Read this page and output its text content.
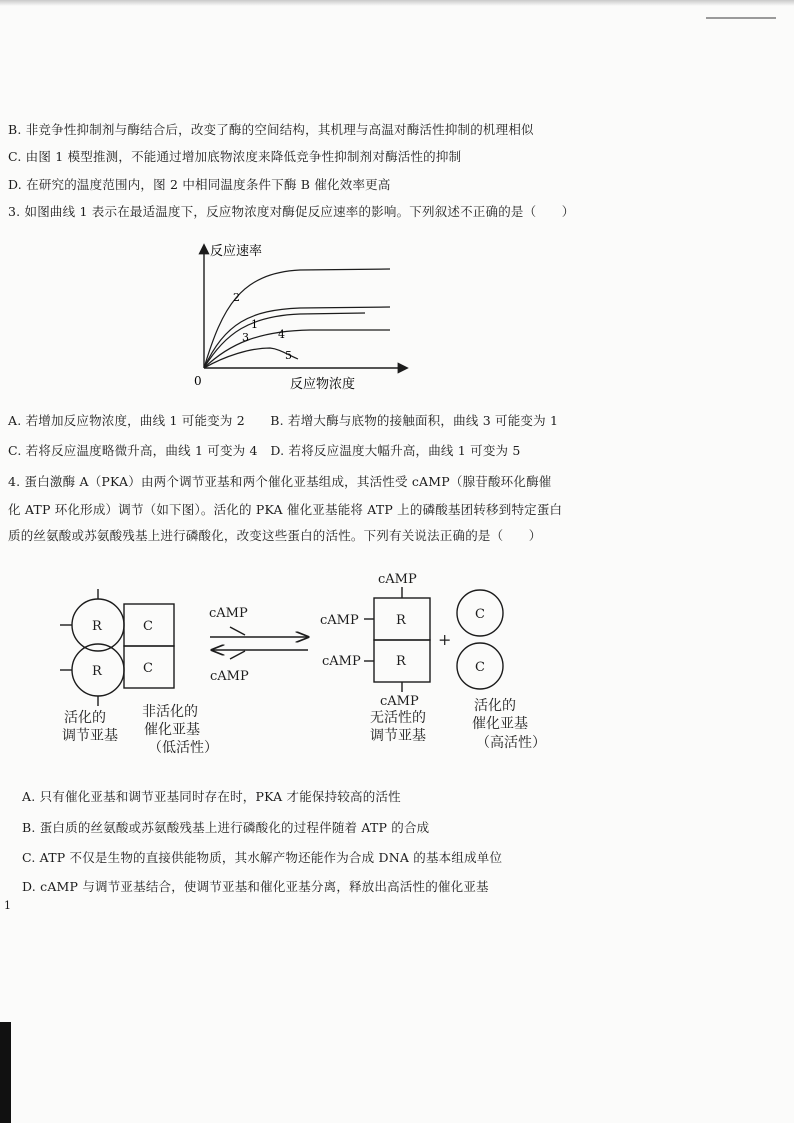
B. 非竞争性抑制剂与酶结合后，改变了酶的空间结构，其机理与高温对酶活性抑制的机理相似
C. 由图 1 模型推测，不能通过增加底物浓度来降低竞争性抑制剂对酶活性的抑制
D. 在研究的温度范围内，图 2 中相同温度条件下酶 B 催化效率更高
3. 如图曲线 1 表示在最适温度下，反应物浓度对酶促反应速率的影响。下列叙述不正确的是（　　）
反应速率
反应物浓度
0
2
1
3	4
5
A. 若增加反应物浓度，曲线 1 可能变为 2　　B. 若增大酶与底物的接触面积，曲线 3 可能变为 1
C. 若将反应温度略微升高，曲线 1 可变为 4　D. 若将反应温度大幅升高，曲线 1 可变为 5
4. 蛋白激酶 A（PKA）由两个调节亚基和两个催化亚基组成，其活性受 cAMP（腺苷酸环化酶催
化 ATP 环化形成）调节（如下图）。活化的 PKA 催化亚基能将 ATP 上的磷酸基团转移到特定蛋白
质的丝氨酸或苏氨酸残基上进行磷酸化，改变这些蛋白的活性。下列有关说法正确的是（　　）
R
R
C
C
cAMP
cAMP
cAMP
cAMP
cAMP
cAMP
R
R
+
C
C
活化的
调节亚基
非活化的
催化亚基
（低活性）
无活性的
调节亚基
活化的
催化亚基
（高活性）
A. 只有催化亚基和调节亚基同时存在时，PKA 才能保持较高的活性
B. 蛋白质的丝氨酸或苏氨酸残基上进行磷酸化的过程伴随着 ATP 的合成
C. ATP 不仅是生物的直接供能物质，其水解产物还能作为合成 DNA 的基本组成单位
D. cAMP 与调节亚基结合，使调节亚基和催化亚基分离，释放出高活性的催化亚基
1
